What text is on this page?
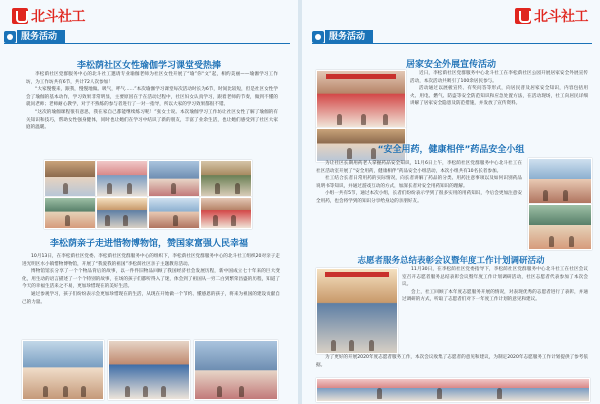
北斗社工
服务活动
李松荫社区女性瑜伽学习课堂受热捧

李松荫社区党群服务中心的北斗社工邀请专业瑜伽老师为社区女性开展了“瑜”你“文”起，相约美丽——瑜伽学习工作坊，为工作坊共有6节，共计72人次参加！

“大家慢慢来，跟我，慢慢地做。吸气，呼气……”本次瑜伽学习课堂每次活动时长为6节，时间比较短，但是社区女性学会了瑜伽的基本动作，学习效果非常明显，主要原因在于在活动过程中，社区妇女认真学习，跟着老师的节奏，做到不懂的就问老师；老师耐心教学，对于不熟练的参与者进行了一对一指导，所以大家的学习效果都很不错。

“这次的瑜伽课程很有意思，我在家自己都能继续练习呢！”张女士说。本次瑜伽学习工作坊让社区女性了解了瑜伽的有关知识和技巧，帮助女性强身健体，同时也让她们在学习中结识了新的朋友，丰富了业余生活，也让她们感受到了社区大家庭的温暖。

李松荫亲子走进惜物博物馆，赞国家富强人民幸福

10月13日，在李松荫社区党委、李松荫社区党群服务中心的组织下，李松荫社区党群服务中心的北斗社工组织20对亲子走进光明区水小镇惜物博物馆，开展了“我爱我的祖国”李松荫社区亲子主题教育活动。

博物馆馆长分享了一个个物品背后的故事，以一件件旧物品回顾了我国经济社会发展历程，新中国成立七十年来的巨大变化，用生动的语言描述了一个个特别的故事，在场的孩子们都听得入了迷，体会到了祖国从一穷二白到繁荣昌盛的历程，知道了今天的幸福生活来之不易，更加珍惜现在的美好生活。

通过参观学习，孩子们纷纷表示会更加珍惜现在的生活，从现在开始做一个节约、懂感恩的孩子，将来为祖国的建设贡献自己的力量。

北斗社工
服务活动
居家安全外展宣传活动

近日，李松荫社区党群服务中心北斗社工在李松荫社区公园开展居家安全外展宣传活动，本次活动共吸引了100余居民参与。

活动通过以展板宣传、有奖问答等形式，向居民普及居家安全知识，内容包括用火、用电、燃气、防盗等安全防范知识和应急处置方法，在活动现场，社工向居民详细讲解了居家安全隐患及防范措施，并发放了宣传资料。

“安全用药，健康相伴”药品安全小组

为让社区长期用药老人掌握药品安全知识，11月6日上午，李松荫社区党群服务中心北斗社工在社区活动室开展了“安全用药，健康相伴”药品安全小组活动，本次小组共有10名长者参加。

社工结合长者日常用药的实际情况，向长者讲解了药品的分类、用药注意事项以及如何识别药品说明书等知识，并通过游戏互动的方式，加深长者对安全用药知识的理解。

小组一共有5节，通过本次小组，长者们纷纷表示学到了很多实用的用药知识，今后会更加注意安全用药，也会将学到的知识分享给身边的亲朋好友。

志愿者服务总结表彰会议暨年度工作计划调研活动

11月30日，在李松荫社区党委指导下，李松荫社区党群服务中心北斗社工在社区会议室召开志愿者服务总结表彰会议暨年度工作计划调研活动，社区志愿者代表参加了本次会议。

会上，社工回顾了本年度志愿服务开展的情况，对表现优秀的志愿者进行了表彰，并通过调研的方式，听取了志愿者们对下一年度工作计划的意见和建议。

为了更好的开展2020年度志愿者服务工作，本次会议收集了志愿者的意见和建议，为制定2020年志愿服务工作计划提供了参考依据。
